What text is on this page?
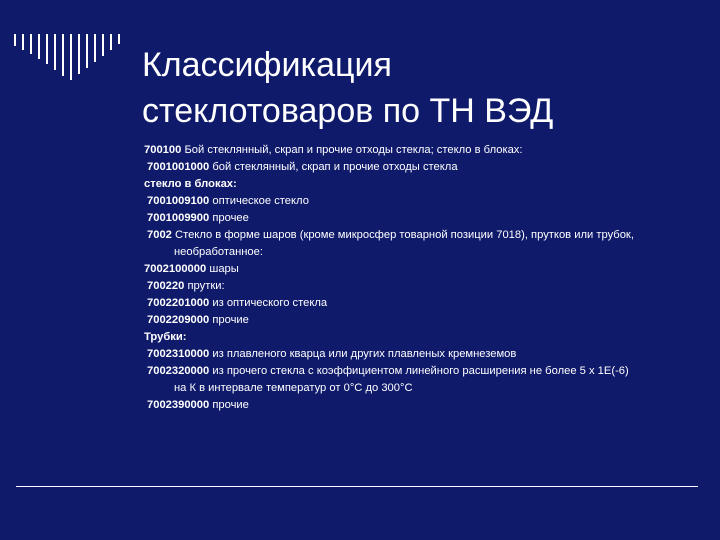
Классификация
стеклотоваров по ТН ВЭД
700100 Бой стеклянный, скрап и прочие отходы стекла; стекло в блоках:
7001001000 бой стеклянный, скрап и прочие отходы стекла
стекло в блоках:
7001009100 оптическое стекло
7001009900 прочее
7002 Стекло в форме шаров (кроме микросфер товарной позиции 7018), прутков или трубок,
необработанное:
7002100000 шары
700220 прутки:
7002201000 из оптического стекла
7002209000 прочие
Трубки:
7002310000 из плавленого кварца или других плавленых кремнеземов
7002320000 из прочего стекла с коэффициентом линейного расширения не более 5 х 1Е(-6)
на К в интервале температур от 0°С до 300°С
7002390000 прочие
